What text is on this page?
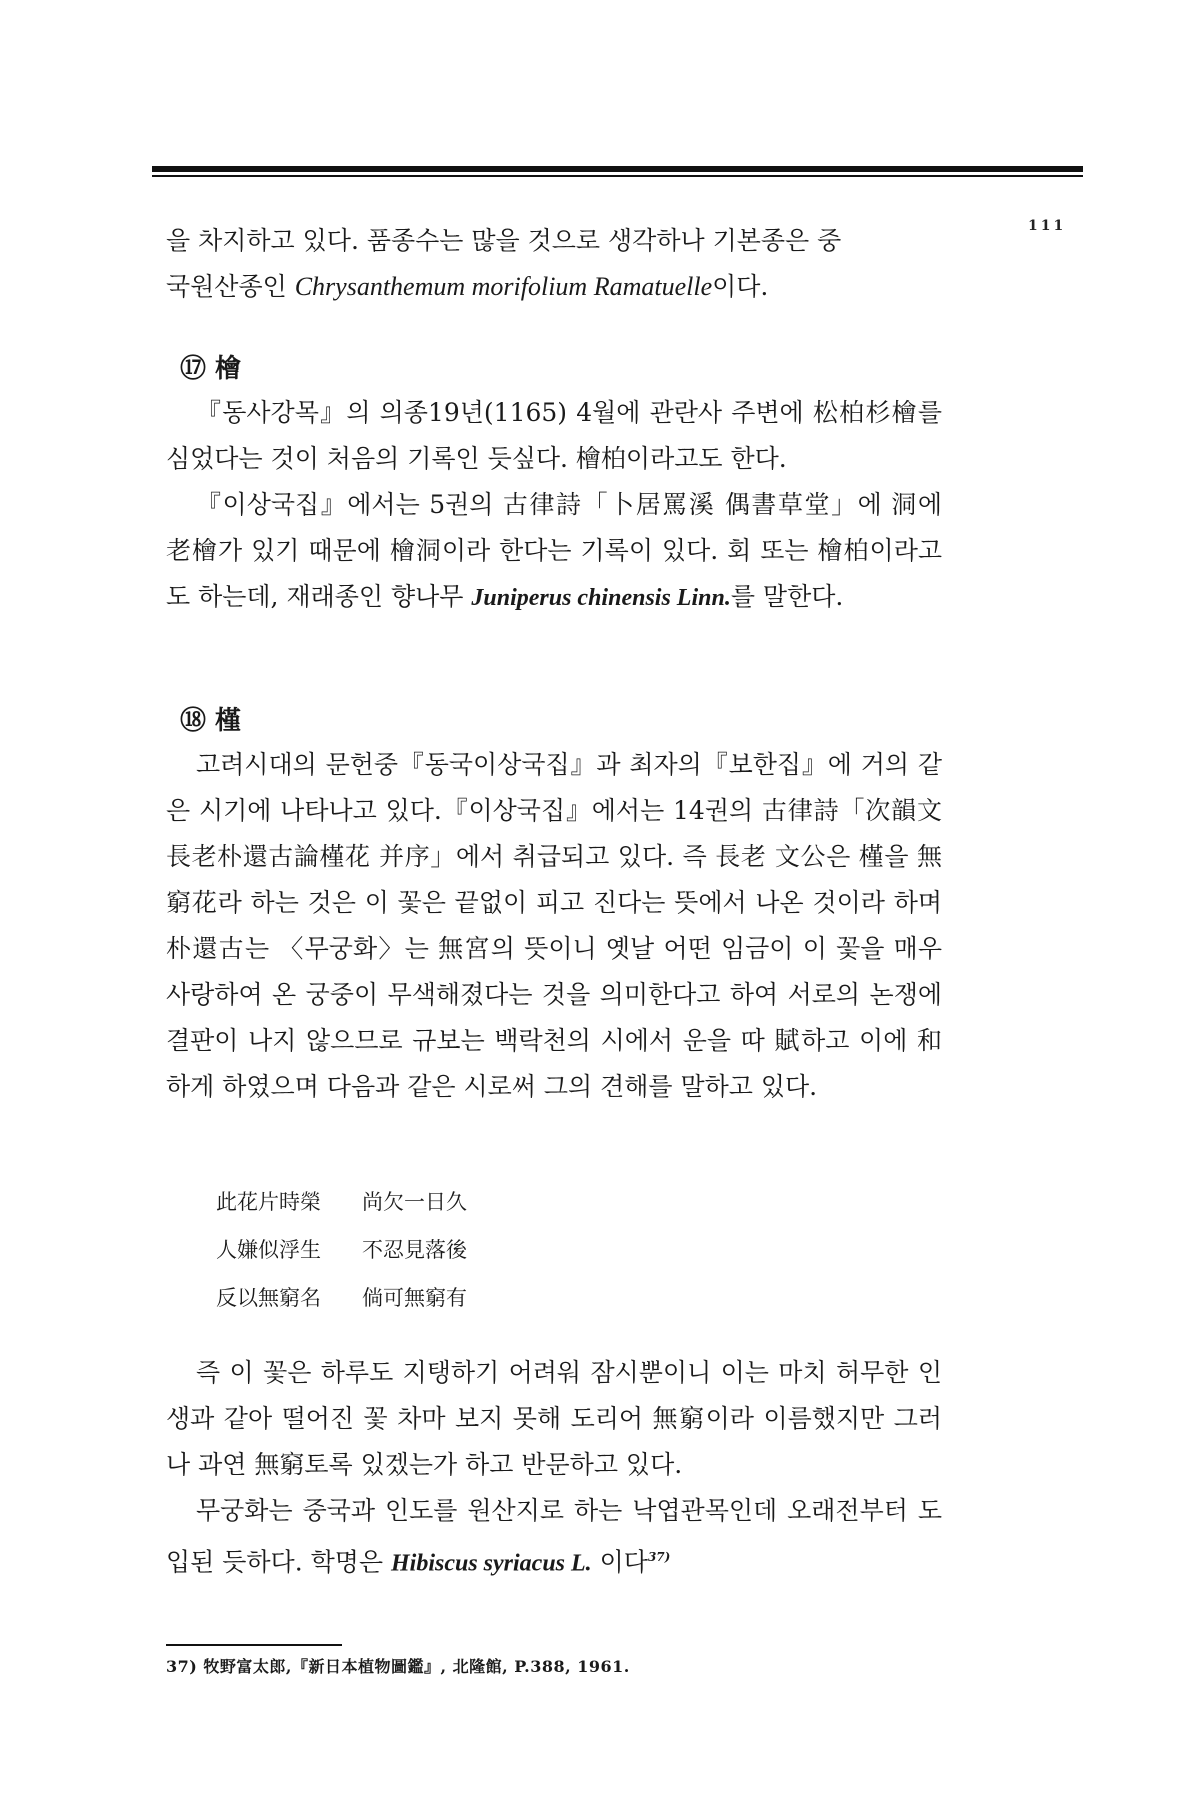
111

을 차지하고 있다. 품종수는 많을 것으로 생각하나 기본종은 중

국원산종인 Chrysanthemum morifolium Ramatuelle이다.

⑰ 檜

『동사강목』의 의종19년(1165) 4월에 관란사 주변에 松柏杉檜를 심었다는 것이 처음의 기록인 듯싶다. 檜柏이라고도 한다.

『이상국집』에서는 5권의 古律詩「卜居罵溪 偶書草堂」에 洞에 老檜가 있기 때문에 檜洞이라 한다는 기록이 있다. 회 또는 檜柏이라고도 하는데, 재래종인 향나무 Juniperus chinensis Linn.를 말한다.

⑱ 槿

고려시대의 문헌중『동국이상국집』과 최자의『보한집』에 거의 같은 시기에 나타나고 있다.『이상국집』에서는 14권의 古律詩「次韻文長老朴還古論槿花 并序」에서 취급되고 있다. 즉 長老 文公은 槿을 無窮花라 하는 것은 이 꽃은 끝없이 피고 진다는 뜻에서 나온 것이라 하며 朴還古는 〈무궁화〉는 無宮의 뜻이니 옛날 어떤 임금이 이 꽃을 매우 사랑하여 온 궁중이 무색해졌다는 것을 의미한다고 하여 서로의 논쟁에 결판이 나지 않으므로 규보는 백락천의 시에서 운을 따 賦하고 이에 和하게 하였으며 다음과 같은 시로써 그의 견해를 말하고 있다.

此花片時榮 尚欠一日久
人嫌似浮生 不忍見落後
反以無窮名 倘可無窮有

즉 이 꽃은 하루도 지탱하기 어려워 잠시뿐이니 이는 마치 허무한 인생과 같아 떨어진 꽃 차마 보지 못해 도리어 無窮이라 이름했지만 그러나 과연 無窮토록 있겠는가 하고 반문하고 있다.

무궁화는 중국과 인도를 원산지로 하는 낙엽관목인데 오래전부터 도입된 듯하다. 학명은 Hibiscus syriacus L. 이다$^{37)}$

37) 牧野富太郎,『新日本植物圖鑑』, 北隆館, P.388, 1961.
